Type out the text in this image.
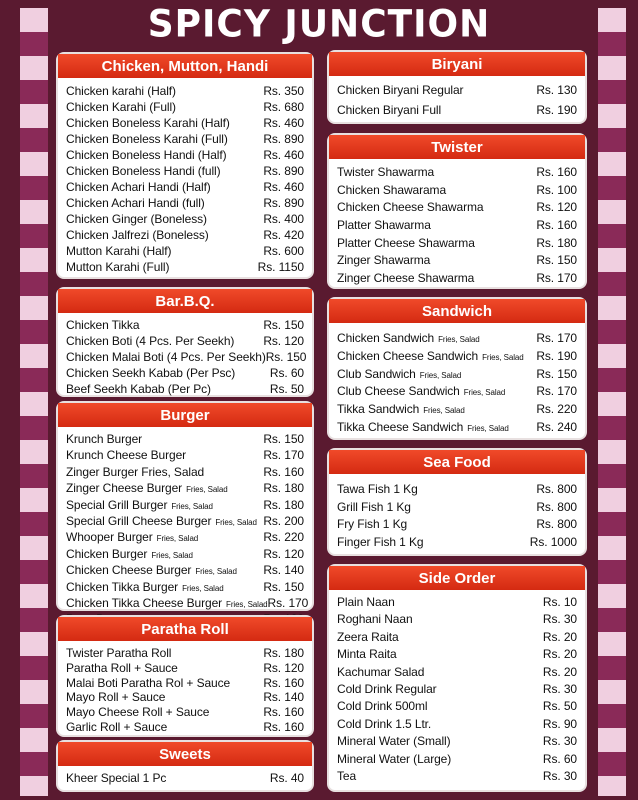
SPICY JUNCTION
Chicken, Mutton, Handi
Chicken karahi (Half)	Rs. 350
Chicken Karahi (Full)	Rs. 680
Chicken Boneless Karahi (Half)	Rs. 460
Chicken Boneless Karahi (Full)	Rs. 890
Chicken Boneless Handi (Half)	Rs. 460
Chicken Boneless Handi (full)	Rs. 890
Chicken Achari Handi (Half)	Rs. 460
Chicken Achari Handi (full)	Rs. 890
Chicken Ginger (Boneless)	Rs. 400
Chicken Jalfrezi (Boneless)	Rs. 420
Mutton Karahi (Half)	Rs. 600
Mutton Karahi (Full)	Rs. 1150
Bar.B.Q.
Chicken Tikka	Rs. 150
Chicken Boti (4 Pcs. Per Seekh) Rs. 120
Chicken Malai Boti (4 Pcs. Per Seekh) Rs. 150
Chicken Seekh Kabab (Per Psc)	Rs. 60
Beef Seekh Kabab (Per Pc)	Rs. 50
Burger
Krunch Burger	Rs. 150
Krunch Cheese Burger	Rs. 170
Zinger Burger Fries, Salad	Rs. 160
Zinger Cheese Burger Fries, Salad	Rs. 180
Special Grill Burger Fries, Salad	Rs. 180
Special Grill Cheese Burger Fries, Salad Rs. 200
Whooper Burger Fries, Salad	Rs. 220
Chicken Burger Fries, Salad	Rs. 120
Chicken Cheese Burger Fries, Salad Rs. 140
Chicken Tikka Burger Fries, Salad	Rs. 150
Chicken Tikka Cheese Burger Fries, Salad Rs. 170
Paratha Roll
Twister Paratha Roll	Rs. 180
Paratha Roll + Sauce	Rs. 120
Malai Boti Paratha Rol + Sauce	Rs. 160
Mayo Roll + Sauce	Rs. 140
Mayo Cheese Roll + Sauce	Rs. 160
Garlic Roll + Sauce	Rs. 160
Sweets
Kheer Special 1 Pc	Rs. 40
Biryani
Chicken Biryani Regular	Rs. 130
Chicken Biryani Full	Rs. 190
Twister
Twister Shawarma	Rs. 160
Chicken Shawarama	Rs. 100
Chicken Cheese Shawarma	Rs. 120
Platter Shawarma	Rs. 160
Platter Cheese Shawarma	Rs. 180
Zinger Shawarma	Rs. 150
Zinger Cheese Shawarma	Rs. 170
Sandwich
Chicken Sandwich Fries, Salad	Rs. 170
Chicken Cheese Sandwich Fries, Salad Rs. 190
Club Sandwich Fries, Salad	Rs. 150
Club Cheese Sandwich Fries, Salad	Rs. 170
Tikka Sandwich Fries, Salad	Rs. 220
Tikka Cheese Sandwich Fries, Salad Rs. 240
Sea Food
Tawa Fish 1 Kg	Rs. 800
Grill Fish 1 Kg	Rs. 800
Fry Fish 1 Kg	Rs. 800
Finger Fish 1 Kg	Rs. 1000
Side Order
Plain Naan	Rs. 10
Roghani Naan	Rs. 30
Zeera Raita	Rs. 20
Minta Raita	Rs. 20
Kachumar Salad	Rs. 20
Cold Drink Regular	Rs. 30
Cold Drink 500ml	Rs. 50
Cold Drink 1.5 Ltr.	Rs. 90
Mineral Water (Small)	Rs. 30
Mineral Water (Large)	Rs. 60
Tea	Rs. 30
